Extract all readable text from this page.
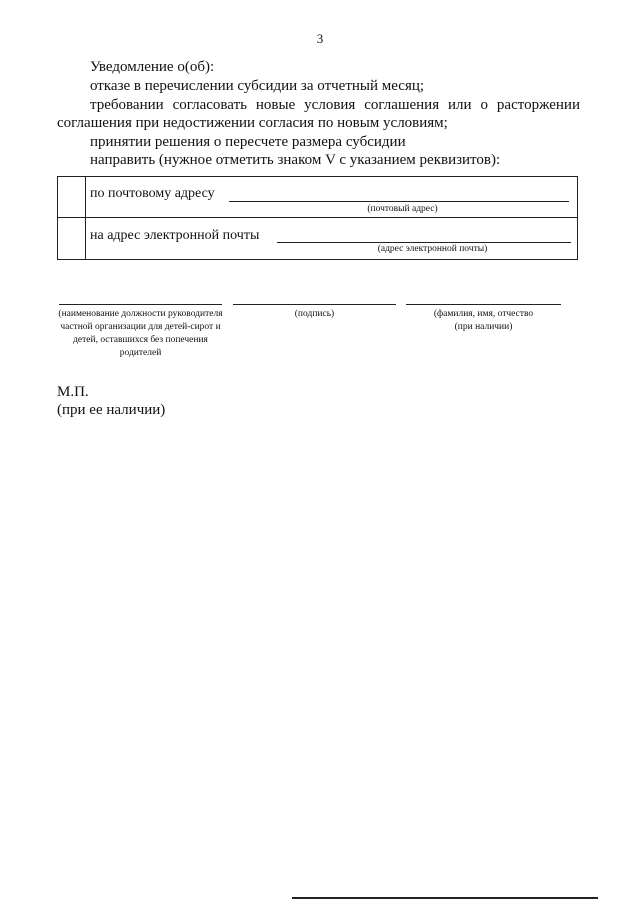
3
Уведомление о(об):
отказе в перечислении субсидии за отчетный месяц;
требовании согласовать новые условия соглашения или о расторжении
соглашения при недостижении согласия по новым условиям;
принятии решения о пересчете размера субсидии
направить (нужное отметить знаком V с указанием реквизитов):
по почтовому адресу
(почтовый адрес)
на адрес электронной почты
(адрес электронной почты)
(наименование должности руководителя частной организации для детей-сирот и детей, оставшихся без попечения родителей
(подпись)	(фамилия, имя, отчество
(при наличии)
М.П.
(при ее наличии)
